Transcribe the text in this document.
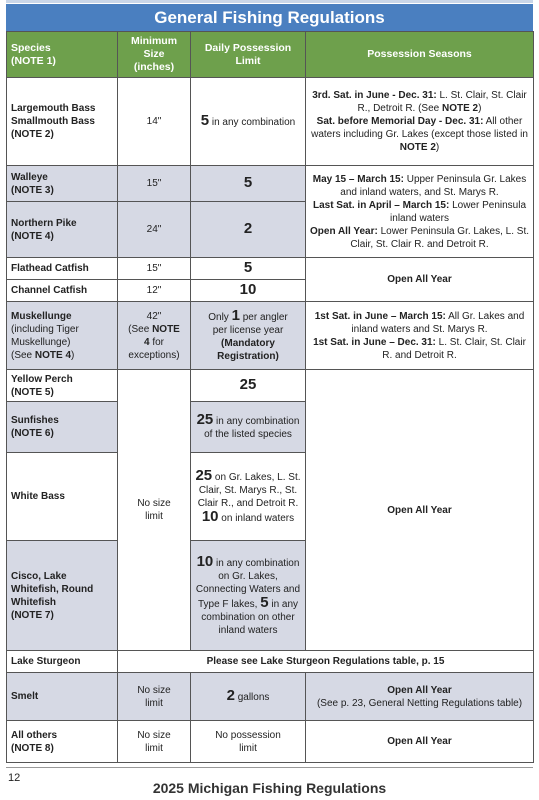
General Fishing Regulations
Species
(NOTE 1)	Minimum
Size
(inches)	Daily Possession
Limit	Possession Seasons
Largemouth Bass
Smallmouth Bass
(NOTE 2)	14"	5 in any combination	3rd. Sat. in June - Dec. 31: L. St. Clair, St. Clair R., Detroit R. (See NOTE 2)
Sat. before Memorial Day - Dec. 31: All other waters including Gr. Lakes (except those listed in NOTE 2)
Walleye
(NOTE 3)	15"	5	May 15 – March 15: Upper Peninsula Gr. Lakes and inland waters, and St. Marys R.
Last Sat. in April – March 15: Lower Peninsula inland waters
Open All Year: Lower Peninsula Gr. Lakes, L. St. Clair, St. Clair R. and Detroit R.
Northern Pike
(NOTE 4)	24"	2	
Flathead Catfish	15"	5	Open All Year
Channel Catfish	12"	10	
Muskellunge
(including Tiger
Muskellunge)
(See NOTE 4)	42"
(See NOTE
4 for
exceptions)	Only 1 per angler
per license year
(Mandatory
Registration)	1st Sat. in June – March 15: All Gr. Lakes and inland waters and St. Marys R.
1st Sat. in June – Dec. 31: L. St. Clair, St. Clair R. and Detroit R.
Yellow Perch
(NOTE 5)	No size
limit	25	Open All Year
Sunfishes
(NOTE 6)		25 in any combination of the listed species	
White Bass		25 on Gr. Lakes, L. St. Clair, St. Marys R., St. Clair R., and Detroit R.
10 on inland waters	
Cisco, Lake
Whitefish, Round
Whitefish
(NOTE 7)		10 in any combination on Gr. Lakes, Connecting Waters and Type F lakes, 5 in any combination on other inland waters	
Lake Sturgeon	Please see Lake Sturgeon Regulations table, p. 15		
Smelt	No size
limit	2 gallons	Open All Year
(See p. 23, General Netting Regulations table)
All others
(NOTE 8)	No size
limit	No possession
limit	Open All Year
12
2025 Michigan Fishing Regulations
